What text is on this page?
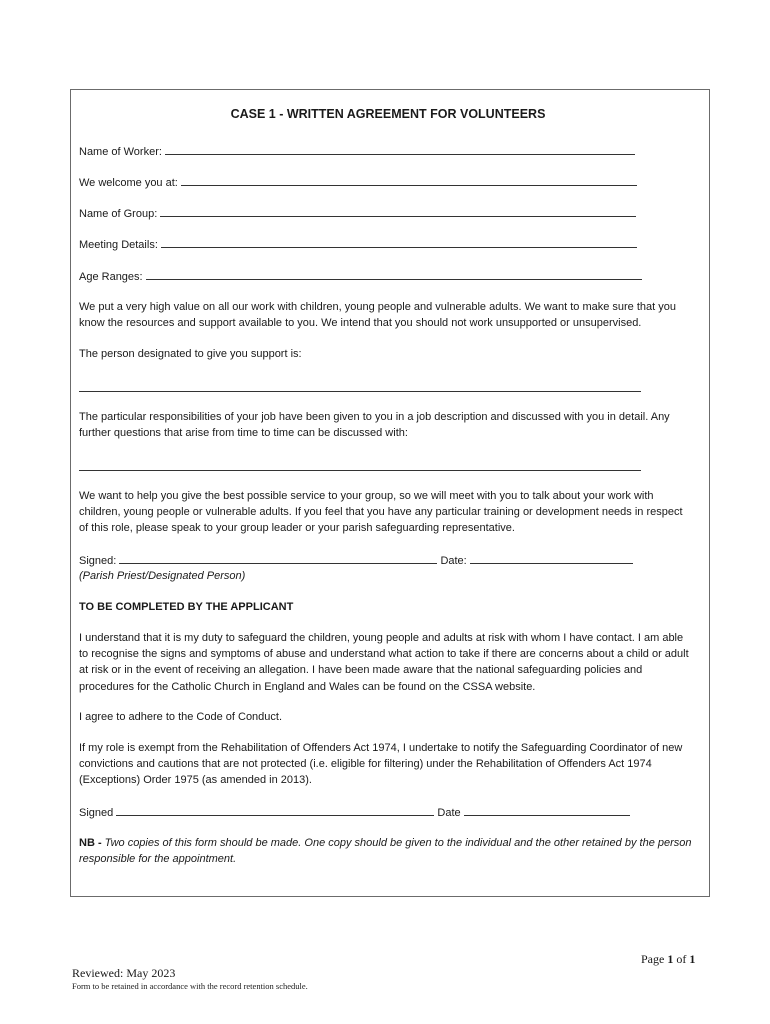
CASE 1 - WRITTEN AGREEMENT FOR VOLUNTEERS
Name of Worker:
We welcome you at:
Name of Group:
Meeting Details:
Age Ranges:
We put a very high value on all our work with children, young people and vulnerable adults. We want to make sure that you know the resources and support available to you. We intend that you should not work unsupported or unsupervised.
The person designated to give you support is:
The particular responsibilities of your job have been given to you in a job description and discussed with you in detail. Any further questions that arise from time to time can be discussed with:
We want to help you give the best possible service to your group, so we will meet with you to talk about your work with children, young people or vulnerable adults. If you feel that you have any particular training or development needs in respect of this role, please speak to your group leader or your parish safeguarding representative.
Signed:	Date:
(Parish Priest/Designated Person)
TO BE COMPLETED BY THE APPLICANT
I understand that it is my duty to safeguard the children, young people and adults at risk with whom I have contact. I am able to recognise the signs and symptoms of abuse and understand what action to take if there are concerns about a child or adult at risk or in the event of receiving an allegation. I have been made aware that the national safeguarding policies and procedures for the Catholic Church in England and Wales can be found on the CSSA website.
I agree to adhere to the Code of Conduct.
If my role is exempt from the Rehabilitation of Offenders Act 1974, I undertake to notify the Safeguarding Coordinator of new convictions and cautions that are not protected (i.e. eligible for filtering) under the Rehabilitation of Offenders Act 1974 (Exceptions) Order 1975 (as amended in 2013).
Signed	Date
NB - Two copies of this form should be made. One copy should be given to the individual and the other retained by the person responsible for the appointment.
Page 1 of 1
Reviewed: May 2023
Form to be retained in accordance with the record retention schedule.
